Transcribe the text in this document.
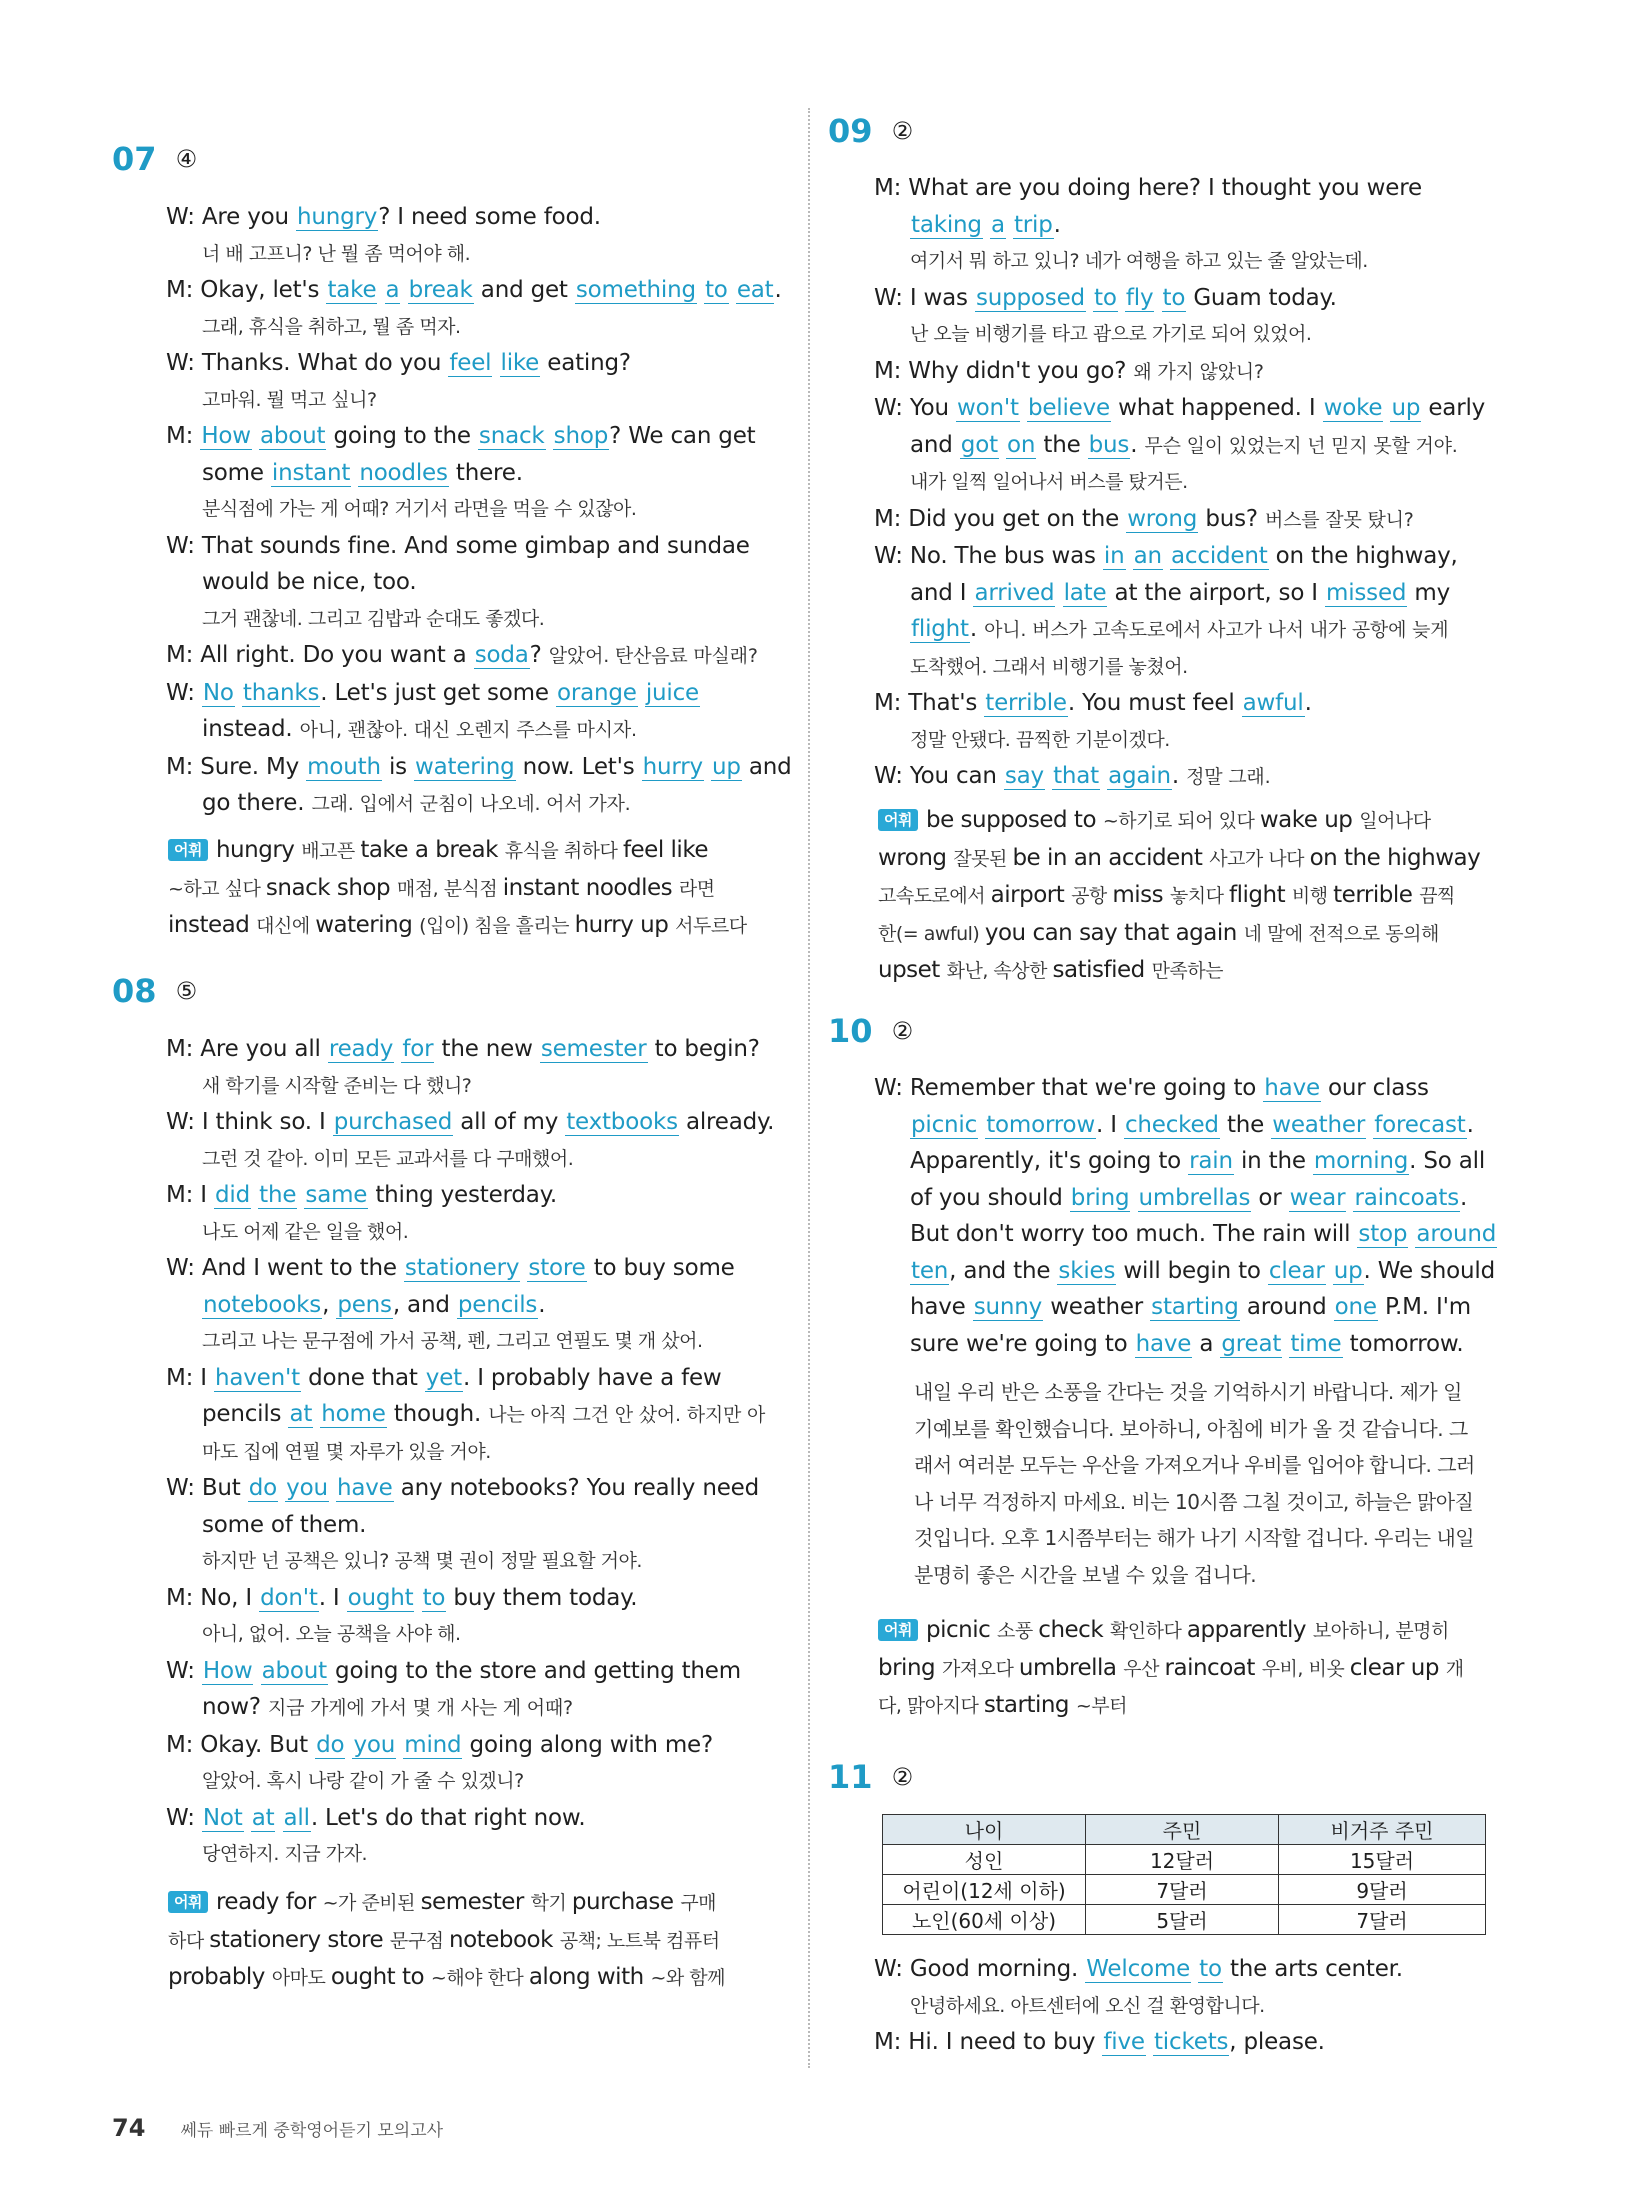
07 ④
W: Are you hungry? I need some food.
너 배 고프니? 난 뭘 좀 먹어야 해.
M: Okay, let's take a break and get something to eat.
그래, 휴식을 취하고, 뭘 좀 먹자.
W: Thanks. What do you feel like eating?
고마워. 뭘 먹고 싶니?
M: How about going to the snack shop? We can get
some instant noodles there.
분식점에 가는 게 어때? 거기서 라면을 먹을 수 있잖아.
W: That sounds fine. And some gimbap and sundae
would be nice, too.
그거 괜찮네. 그리고 김밥과 순대도 좋겠다.
M: All right. Do you want a soda? 알았어. 탄산음료 마실래?
W: No thanks. Let's just get some orange juice
instead. 아니, 괜찮아. 대신 오렌지 주스를 마시자.
M: Sure. My mouth is watering now. Let's hurry up and
go there. 그래. 입에서 군침이 나오네. 어서 가자.
어휘 hungry 배고픈 take a break 휴식을 취하다 feel like
~하고 싶다 snack shop 매점, 분식점 instant noodles 라면
instead 대신에 watering (입이) 침을 흘리는 hurry up 서두르다
08 ⑤
M: Are you all ready for the new semester to begin?
새 학기를 시작할 준비는 다 했니?
W: I think so. I purchased all of my textbooks already.
그런 것 같아. 이미 모든 교과서를 다 구매했어.
M: I did the same thing yesterday.
나도 어제 같은 일을 했어.
W: And I went to the stationery store to buy some
notebooks, pens, and pencils.
그리고 나는 문구점에 가서 공책, 펜, 그리고 연필도 몇 개 샀어.
M: I haven't done that yet. I probably have a few
pencils at home though. 나는 아직 그건 안 샀어. 하지만 아
마도 집에 연필 몇 자루가 있을 거야.
W: But do you have any notebooks? You really need
some of them.
하지만 넌 공책은 있니? 공책 몇 권이 정말 필요할 거야.
M: No, I don't. I ought to buy them today.
아니, 없어. 오늘 공책을 사야 해.
W: How about going to the store and getting them
now? 지금 가게에 가서 몇 개 사는 게 어때?
M: Okay. But do you mind going along with me?
알았어. 혹시 나랑 같이 가 줄 수 있겠니?
W: Not at all. Let's do that right now.
당연하지. 지금 가자.
어휘 ready for ~가 준비된 semester 학기 purchase 구매
하다 stationery store 문구점 notebook 공책; 노트북 컴퓨터
probably 아마도 ought to ~해야 한다 along with ~와 함께
09 ②
M: What are you doing here? I thought you were
taking a trip.
여기서 뭐 하고 있니? 네가 여행을 하고 있는 줄 알았는데.
W: I was supposed to fly to Guam today.
난 오늘 비행기를 타고 괌으로 가기로 되어 있었어.
M: Why didn't you go? 왜 가지 않았니?
W: You won't believe what happened. I woke up early
and got on the bus. 무슨 일이 있었는지 넌 믿지 못할 거야.
내가 일찍 일어나서 버스를 탔거든.
M: Did you get on the wrong bus? 버스를 잘못 탔니?
W: No. The bus was in an accident on the highway,
and I arrived late at the airport, so I missed my
flight. 아니. 버스가 고속도로에서 사고가 나서 내가 공항에 늦게
도착했어. 그래서 비행기를 놓쳤어.
M: That's terrible. You must feel awful.
정말 안됐다. 끔찍한 기분이겠다.
W: You can say that again. 정말 그래.
어휘 be supposed to ~하기로 되어 있다 wake up 일어나다
wrong 잘못된 be in an accident 사고가 나다 on the highway
고속도로에서 airport 공항 miss 놓치다 flight 비행 terrible 끔찍
한(= awful) you can say that again 네 말에 전적으로 동의해
upset 화난, 속상한 satisfied 만족하는
10 ②
W: Remember that we're going to have our class
picnic tomorrow. I checked the weather forecast.
Apparently, it's going to rain in the morning. So all
of you should bring umbrellas or wear raincoats.
But don't worry too much. The rain will stop around
ten, and the skies will begin to clear up. We should
have sunny weather starting around one P.M. I'm
sure we're going to have a great time tomorrow.
내일 우리 반은 소풍을 간다는 것을 기억하시기 바랍니다. 제가 일
기예보를 확인했습니다. 보아하니, 아침에 비가 올 것 같습니다. 그
래서 여러분 모두는 우산을 가져오거나 우비를 입어야 합니다. 그러
나 너무 걱정하지 마세요. 비는 10시쯤 그칠 것이고, 하늘은 맑아질
것입니다. 오후 1시쯤부터는 해가 나기 시작할 겁니다. 우리는 내일
분명히 좋은 시간을 보낼 수 있을 겁니다.
어휘 picnic 소풍 check 확인하다 apparently 보아하니, 분명히
bring 가져오다 umbrella 우산 raincoat 우비, 비옷 clear up 개
다, 맑아지다 starting ~부터
11 ②
나이	주민	비거주 주민
성인	12달러	15달러
어린이(12세 이하)	7달러	9달러
노인(60세 이상)	5달러	7달러
W: Good morning. Welcome to the arts center.
안녕하세요. 아트센터에 오신 걸 환영합니다.
M: Hi. I need to buy five tickets, please.
74 쎄듀 빠르게 중학영어듣기 모의고사
